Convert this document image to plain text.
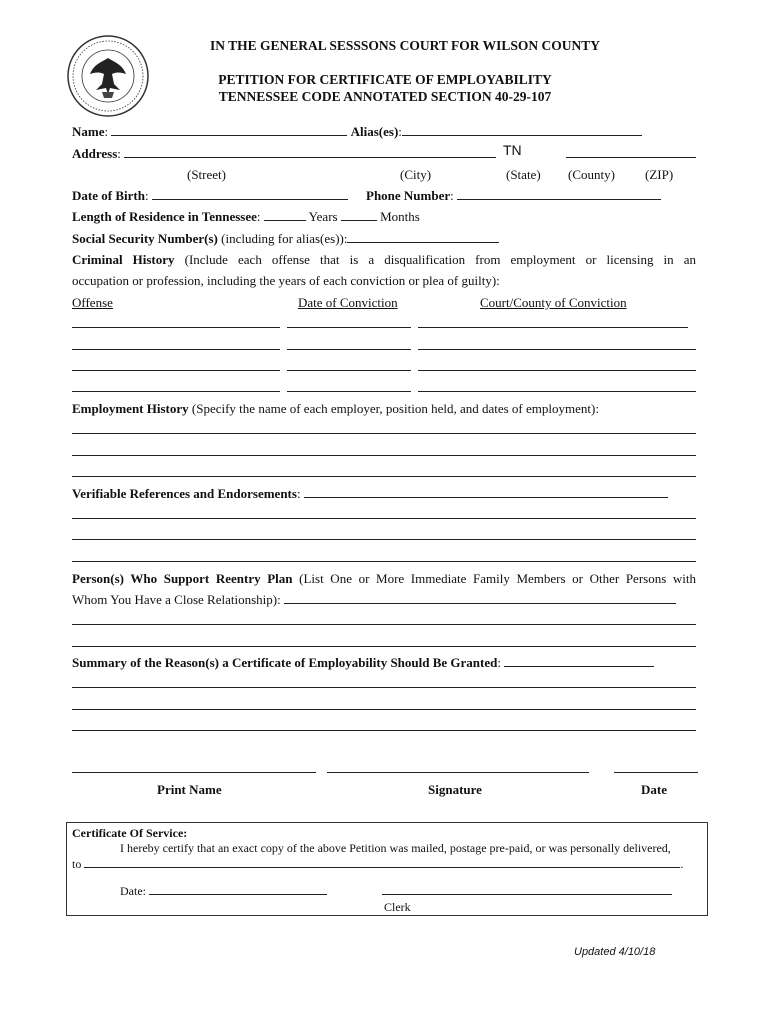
IN THE GENERAL SESSSONS COURT FOR WILSON COUNTY
PETITION FOR CERTIFICATE OF EMPLOYABILITY
TENNESSEE CODE ANNOTATED SECTION 40-29-107
Name:	Alias(es):
Address:	TN
(Street)	(City)	(State) (County) (ZIP)
Date of Birth:	Phone Number:
Length of Residence in Tennessee:	Years	Months
Social Security Number(s) (including for alias(es)):
Criminal History (Include each offense that is a disqualification from employment or licensing in an
occupation or profession, including the years of each conviction or plea of guilty):
Offense	Date of Conviction	Court/County of Conviction
Employment History (Specify the name of each employer, position held, and dates of employment):
Verifiable References and Endorsements:
Person(s) Who Support Reentry Plan (List One or More Immediate Family Members or Other Persons with
Whom You Have a Close Relationship):
Summary of the Reason(s) a Certificate of Employability Should Be Granted:
Print Name	Signature	Date
Certificate Of Service:
I hereby certify that an exact copy of the above Petition was mailed, postage pre-paid, or was personally delivered,
to	.
Date:
Clerk
Updated 4/10/18
